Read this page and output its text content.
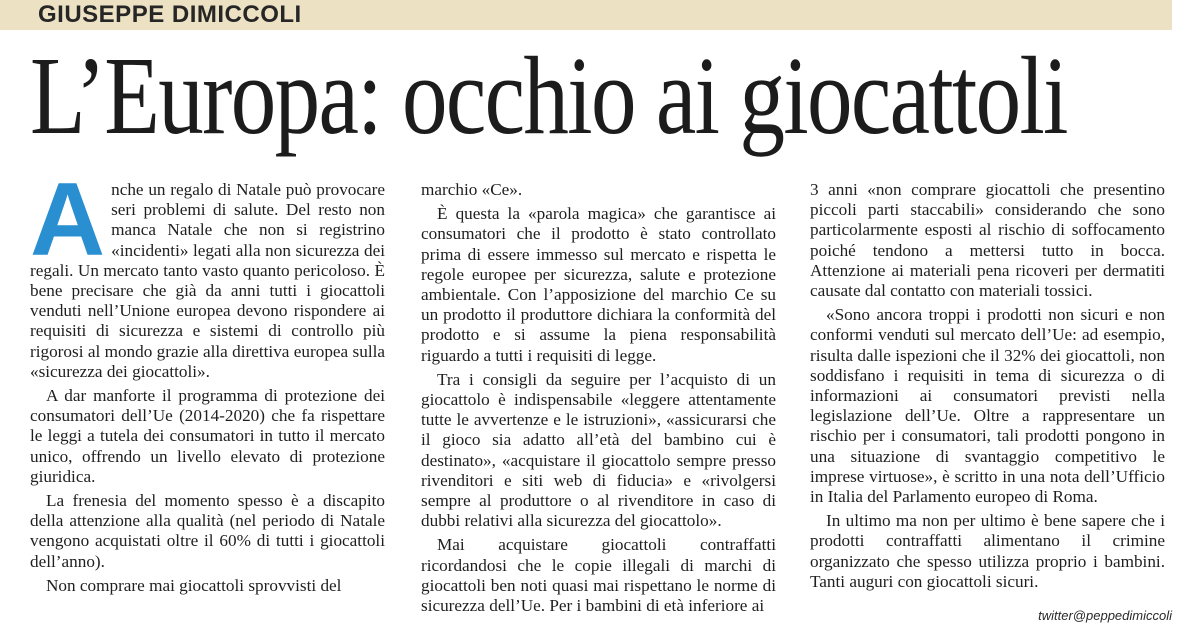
GIUSEPPE DIMICCOLI
L’Europa: occhio ai giocattoli

Anche un regalo di Natale può provocare seri problemi di salute. Del resto non manca Natale che non si registrino «incidenti» legati alla non sicurezza dei regali. Un mercato tanto vasto quanto pericoloso. È bene precisare che già da anni tutti i giocattoli venduti nell’Unione europea devono rispondere ai requisiti di sicurezza e sistemi di controllo più rigorosi al mondo grazie alla direttiva europea sulla «sicurezza dei giocattoli».

A dar manforte il programma di protezione dei consumatori dell’Ue (2014-2020) che fa rispettare le leggi a tutela dei consumatori in tutto il mercato unico, offrendo un livello elevato di protezione giuridica.

La frenesia del momento spesso è a discapito della attenzione alla qualità (nel periodo di Natale vengono acquistati oltre il 60% di tutti i giocattoli dell’anno).

Non comprare mai giocattoli sprovvisti del

marchio «Ce».

È questa la «parola magica» che garantisce ai consumatori che il prodotto è stato controllato prima di essere immesso sul mercato e rispetta le regole europee per sicurezza, salute e protezione ambientale. Con l’apposizione del marchio Ce su un prodotto il produttore dichiara la conformità del prodotto e si assume la piena responsabilità riguardo a tutti i requisiti di legge.

Tra i consigli da seguire per l’acquisto di un giocattolo è indispensabile «leggere attentamente tutte le avvertenze e le istruzioni», «assicurarsi che il gioco sia adatto all’età del bambino cui è destinato», «acquistare il giocattolo sempre presso rivenditori e siti web di fiducia» e «rivolgersi sempre al produttore o al rivenditore in caso di dubbi relativi alla sicurezza del giocattolo».

Mai acquistare giocattoli contraffatti ricordandosi che le copie illegali di marchi di giocattoli ben noti quasi mai rispettano le norme di sicurezza dell’Ue. Per i bambini di età inferiore ai

3 anni «non comprare giocattoli che presentino piccoli parti staccabili» considerando che sono particolarmente esposti al rischio di soffocamento poiché tendono a mettersi tutto in bocca. Attenzione ai materiali pena ricoveri per dermatiti causate dal contatto con materiali tossici.

«Sono ancora troppi i prodotti non sicuri e non conformi venduti sul mercato dell’Ue: ad esempio, risulta dalle ispezioni che il 32% dei giocattoli, non soddisfano i requisiti in tema di sicurezza o di informazioni ai consumatori previsti nella legislazione dell’Ue. Oltre a rappresentare un rischio per i consumatori, tali prodotti pongono in una situazione di svantaggio competitivo le imprese virtuose», è scritto in una nota dell’Ufficio in Italia del Parlamento europeo di Roma.

In ultimo ma non per ultimo è bene sapere che i prodotti contraffatti alimentano il crimine organizzato che spesso utilizza proprio i bambini. Tanti auguri con giocattoli sicuri.

twitter@peppedimiccoli
